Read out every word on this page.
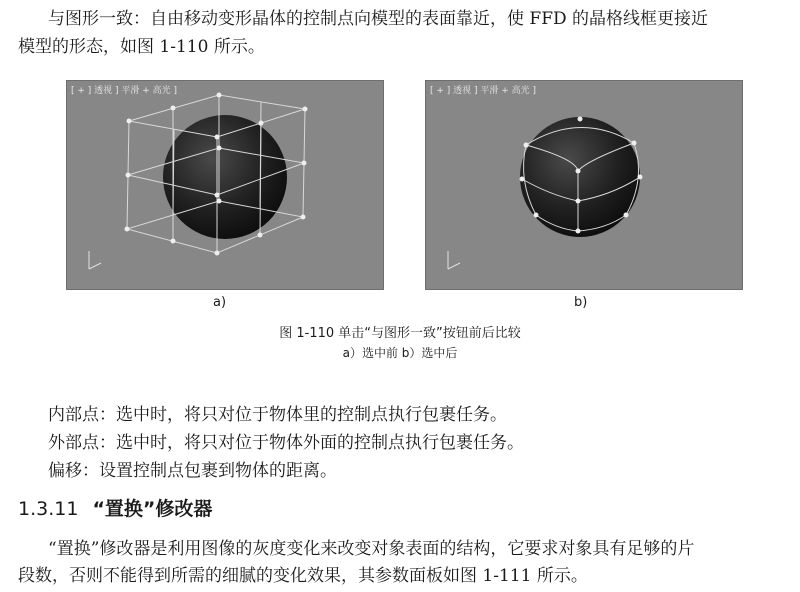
与图形一致：自由移动变形晶体的控制点向模型的表面靠近，使 FFD 的晶格线框更接近
模型的形态，如图 1-110 所示。
[ + ] 透视 ] 平滑 + 高光 ]	[ + ] 透视 ] 平滑 + 高光 ]
a)	b)
图 1-110 单击“与图形一致”按钮前后比较
a）选中前 b）选中后
内部点：选中时，将只对位于物体里的控制点执行包裹任务。
外部点：选中时，将只对位于物体外面的控制点执行包裹任务。
偏移：设置控制点包裹到物体的距离。
1.3.11 “置换”修改器
“置换”修改器是利用图像的灰度变化来改变对象表面的结构，它要求对象具有足够的片
段数，否则不能得到所需的细腻的变化效果，其参数面板如图 1-111 所示。
